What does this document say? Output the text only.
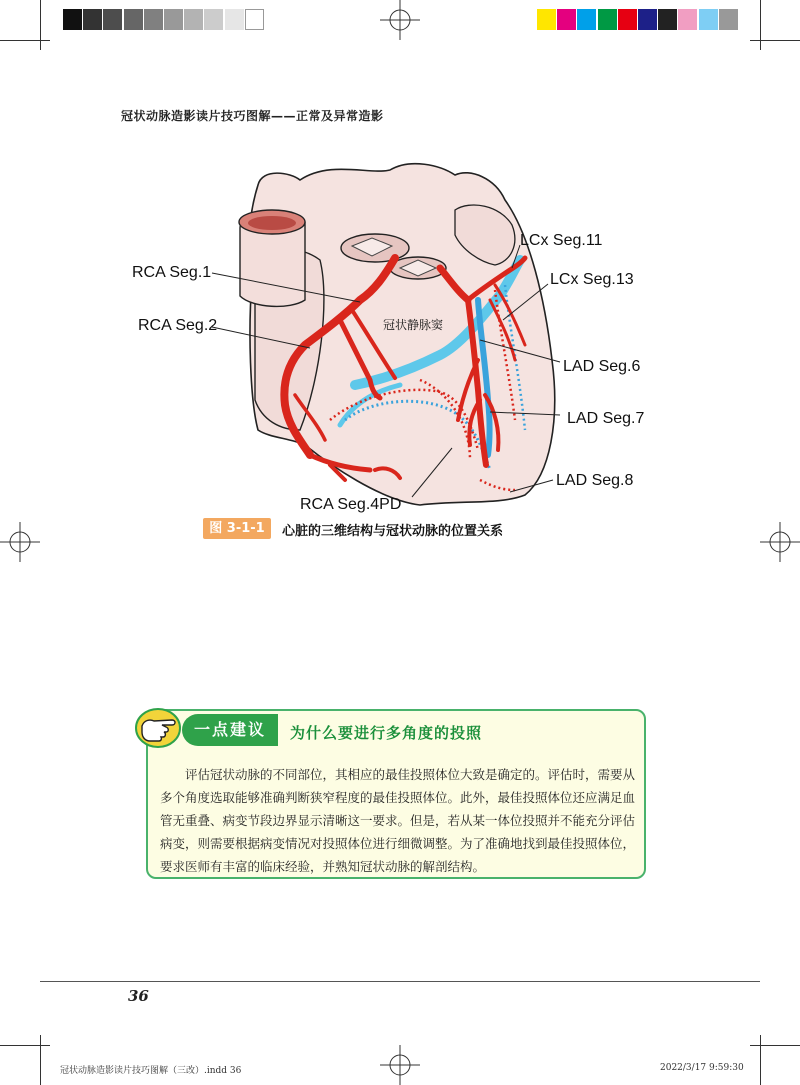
冠状动脉造影读片技巧图解——正常及异常造影
RCA Seg.1
RCA Seg.2
RCA Seg.4PD
LCx Seg.11
LCx Seg.13
LAD Seg.6
LAD Seg.7
LAD Seg.8
冠状静脉窦
图 3-1-1	心脏的三维结构与冠状动脉的位置关系
一点建议	为什么要进行多角度的投照

评估冠状动脉的不同部位，其相应的最佳投照体位大致是确定的。评估时，需要从多个角度选取能够准确判断狭窄程度的最佳投照体位。此外，最佳投照体位还应满足血管无重叠、病变节段边界显示清晰这一要求。但是，若从某一体位投照并不能充分评估病变，则需要根据病变情况对投照体位进行细微调整。为了准确地找到最佳投照体位，要求医师有丰富的临床经验，并熟知冠状动脉的解剖结构。

36
冠状动脉造影读片技巧图解（三改）.indd 36	2022/3/17 9:59:30
